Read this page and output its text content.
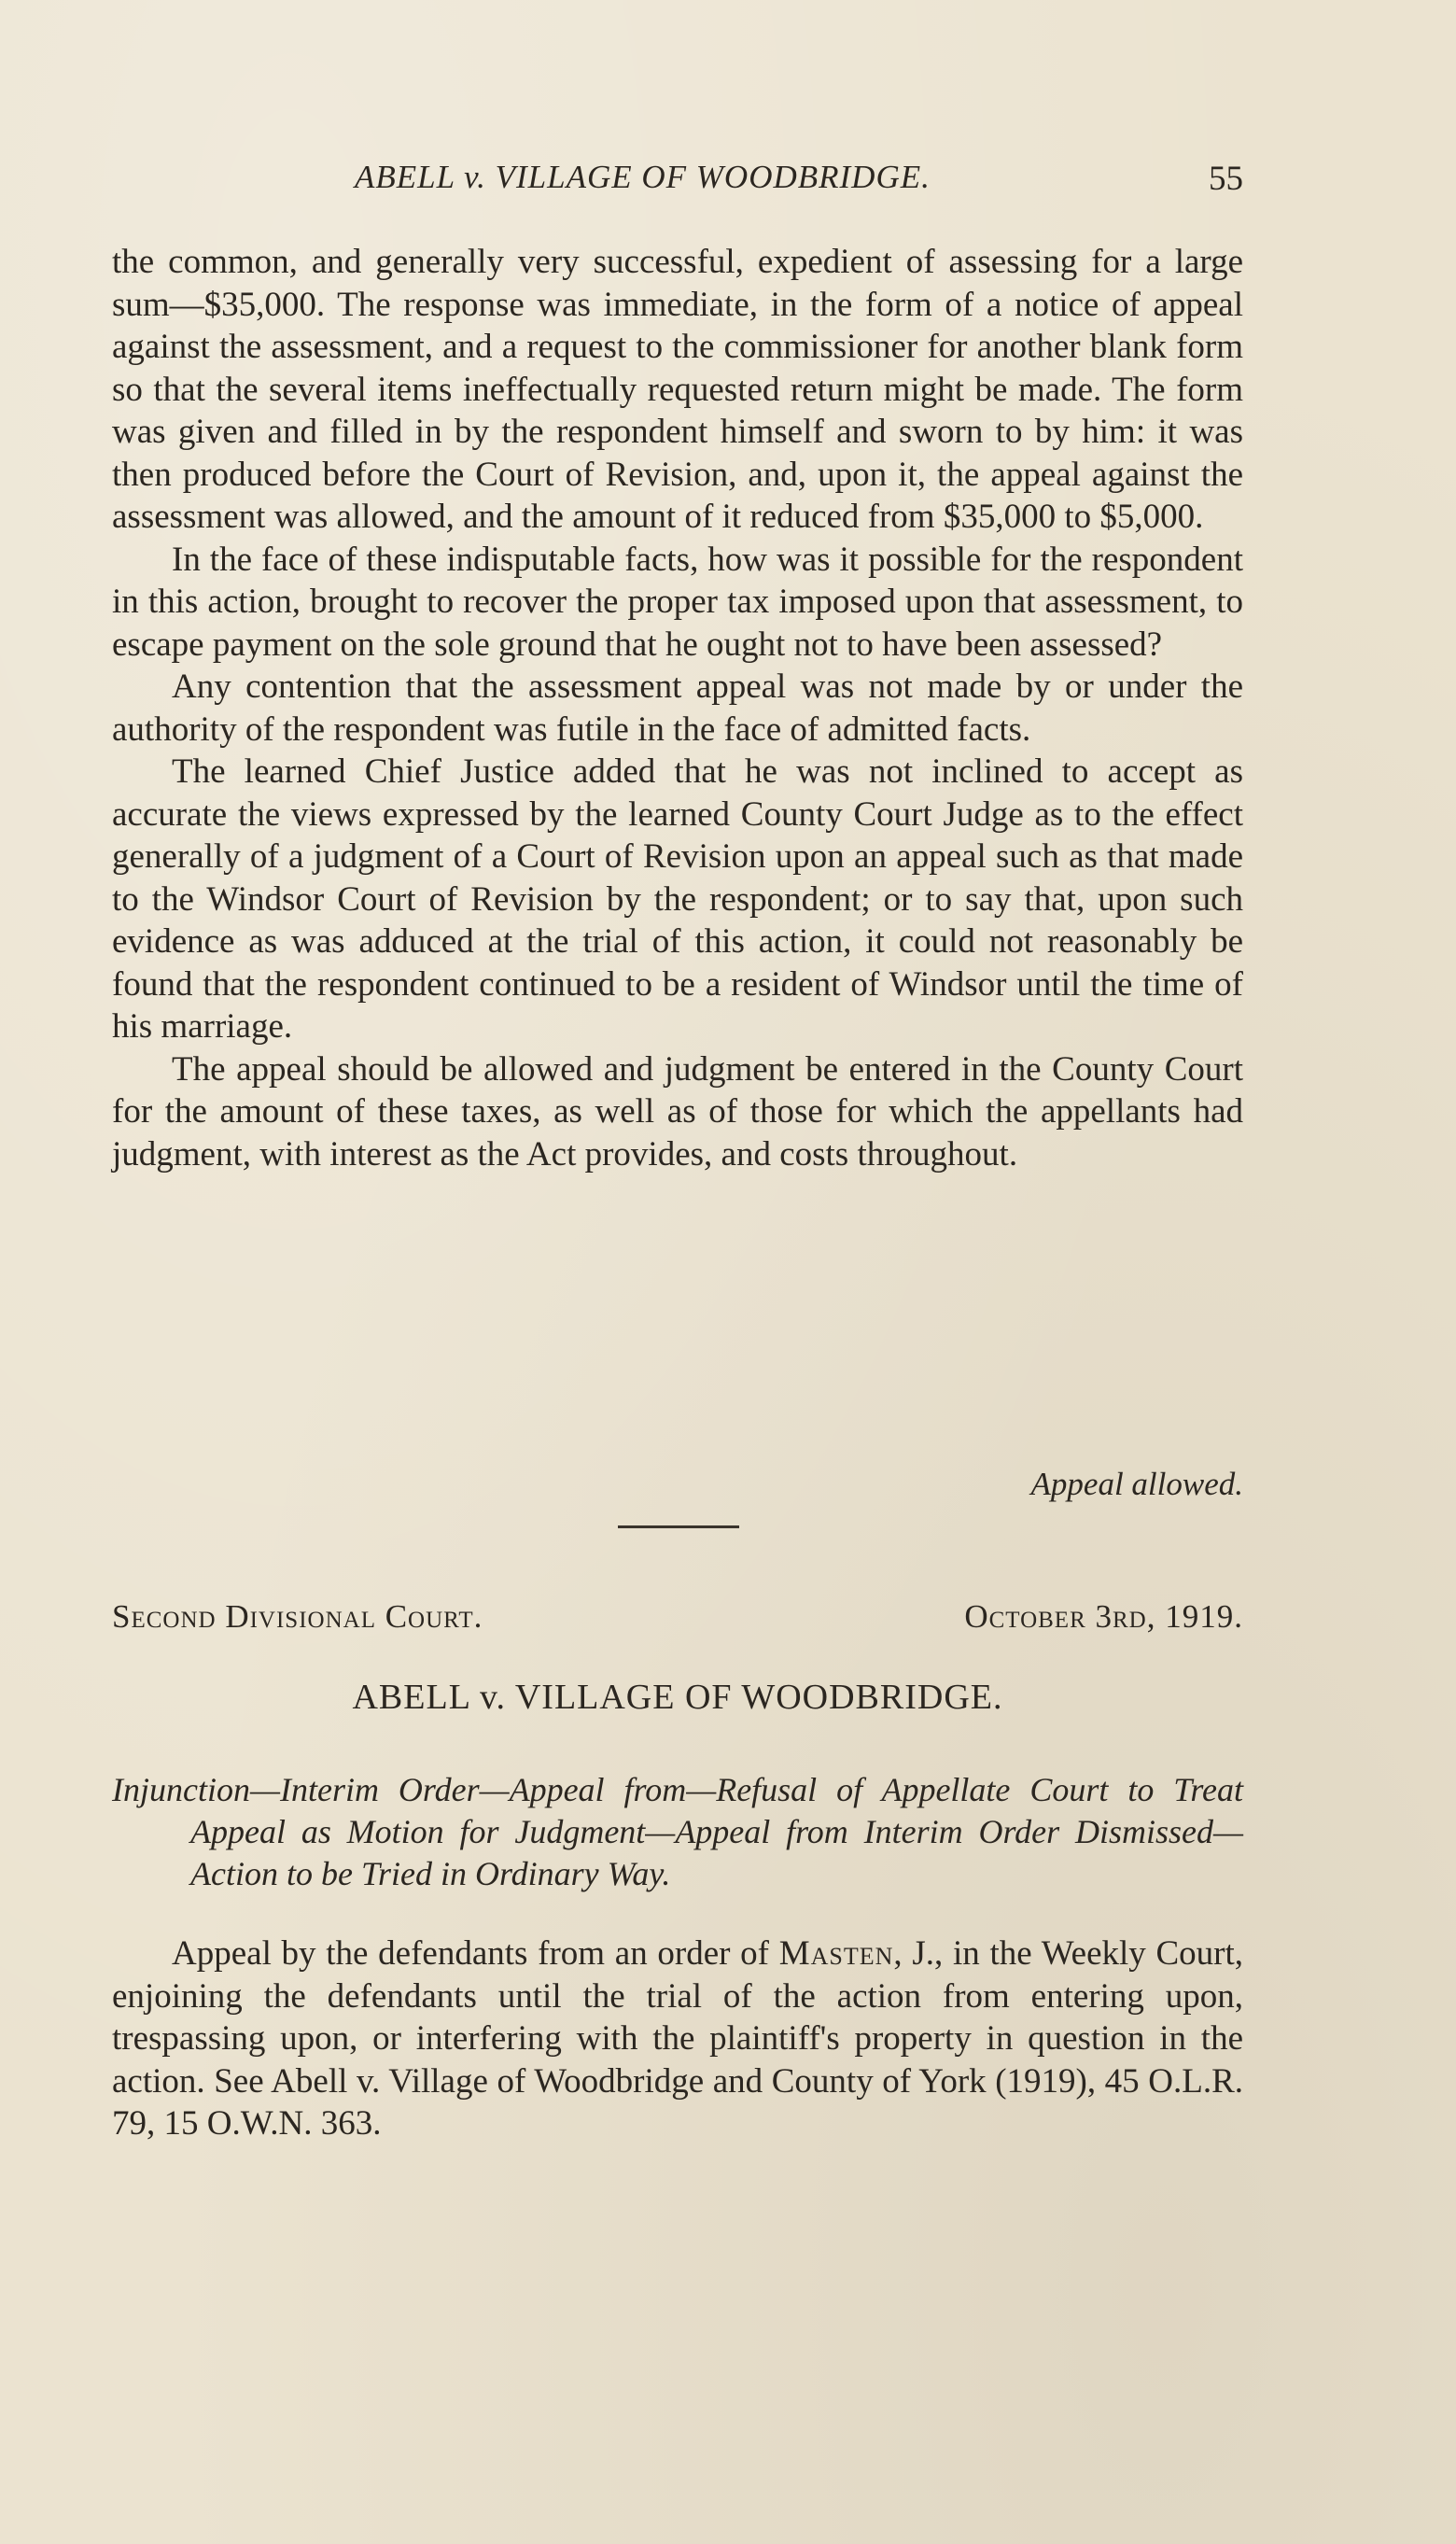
ABELL v. VILLAGE OF WOODBRIDGE.	55

the common, and generally very successful, expedient of assessing for a large sum—$35,000. The response was immediate, in the form of a notice of appeal against the assessment, and a request to the commissioner for another blank form so that the several items ineffectually requested return might be made. The form was given and filled in by the respondent himself and sworn to by him: it was then produced before the Court of Revision, and, upon it, the appeal against the assessment was allowed, and the amount of it reduced from $35,000 to $5,000.

In the face of these indisputable facts, how was it possible for the respondent in this action, brought to recover the proper tax imposed upon that assessment, to escape payment on the sole ground that he ought not to have been assessed?

Any contention that the assessment appeal was not made by or under the authority of the respondent was futile in the face of admitted facts.

The learned Chief Justice added that he was not inclined to accept as accurate the views expressed by the learned County Court Judge as to the effect generally of a judgment of a Court of Revision upon an appeal such as that made to the Windsor Court of Revision by the respondent; or to say that, upon such evidence as was adduced at the trial of this action, it could not reasonably be found that the respondent continued to be a resident of Windsor until the time of his marriage.

The appeal should be allowed and judgment be entered in the County Court for the amount of these taxes, as well as of those for which the appellants had judgment, with interest as the Act provides, and costs throughout.

Appeal allowed.
Second Divisional Court.	October 3rd, 1919.
ABELL v. VILLAGE OF WOODBRIDGE.
Injunction—Interim Order—Appeal from—Refusal of Appellate Court to Treat Appeal as Motion for Judgment—Appeal from Interim Order Dismissed—Action to be Tried in Ordinary Way.

Appeal by the defendants from an order of Masten, J., in the Weekly Court, enjoining the defendants until the trial of the action from entering upon, trespassing upon, or interfering with the plaintiff's property in question in the action. See Abell v. Village of Woodbridge and County of York (1919), 45 O.L.R. 79, 15 O.W.N. 363.
